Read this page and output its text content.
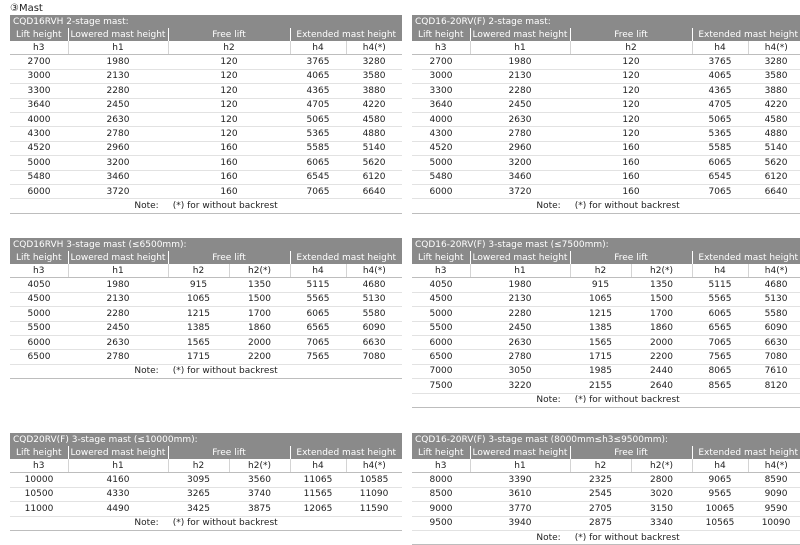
③Mast
CQD16RVH 2-stage mast:				
Lift height	Lowered mast height	Free lift	Extended mast height	
h3	h1	h2	h4	h4(*)
2700	1980	120	3765	3280
3000	2130	120	4065	3580
3300	2280	120	4365	3880
3640	2450	120	4705	4220
4000	2630	120	5065	4580
4300	2780	120	5365	4880
4520	2960	160	5585	5140
5000	3200	160	6065	5620
5480	3460	160	6545	6120
6000	3720	160	7065	6640
Note: (*) for without backrest				
CQD16-20RV(F) 2-stage mast:				
Lift height	Lowered mast height	Free lift	Extended mast height	
h3	h1	h2	h4	h4(*)
2700	1980	120	3765	3280
3000	2130	120	4065	3580
3300	2280	120	4365	3880
3640	2450	120	4705	4220
4000	2630	120	5065	4580
4300	2780	120	5365	4880
4520	2960	160	5585	5140
5000	3200	160	6065	5620
5480	3460	160	6545	6120
6000	3720	160	7065	6640
Note: (*) for without backrest				
CQD16RVH 3-stage mast (≤6500mm):					
Lift height	Lowered mast height	Free lift		Extended mast height	
h3	h1	h2	h2(*)	h4	h4(*)
4050	1980	915	1350	5115	4680
4500	2130	1065	1500	5565	5130
5000	2280	1215	1700	6065	5580
5500	2450	1385	1860	6565	6090
6000	2630	1565	2000	7065	6630
6500	2780	1715	2200	7565	7080
Note: (*) for without backrest					
CQD16-20RV(F) 3-stage mast (≤7500mm):					
Lift height	Lowered mast height	Free lift		Extended mast height	
h3	h1	h2	h2(*)	h4	h4(*)
4050	1980	915	1350	5115	4680
4500	2130	1065	1500	5565	5130
5000	2280	1215	1700	6065	5580
5500	2450	1385	1860	6565	6090
6000	2630	1565	2000	7065	6630
6500	2780	1715	2200	7565	7080
7000	3050	1985	2440	8065	7610
7500	3220	2155	2640	8565	8120
Note: (*) for without backrest					
CQD20RV(F) 3-stage mast (≤10000mm):					
Lift height	Lowered mast height	Free lift		Extended mast height	
h3	h1	h2	h2(*)	h4	h4(*)
10000	4160	3095	3560	11065	10585
10500	4330	3265	3740	11565	11090
11000	4490	3425	3875	12065	11590
Note: (*) for without backrest					
CQD16-20RV(F) 3-stage mast (8000mm≤h3≤9500mm):					
Lift height	Lowered mast height	Free lift		Extended mast height	
h3	h1	h2	h2(*)	h4	h4(*)
8000	3390	2325	2800	9065	8590
8500	3610	2545	3020	9565	9090
9000	3770	2705	3150	10065	9590
9500	3940	2875	3340	10565	10090
Note: (*) for without backrest					
